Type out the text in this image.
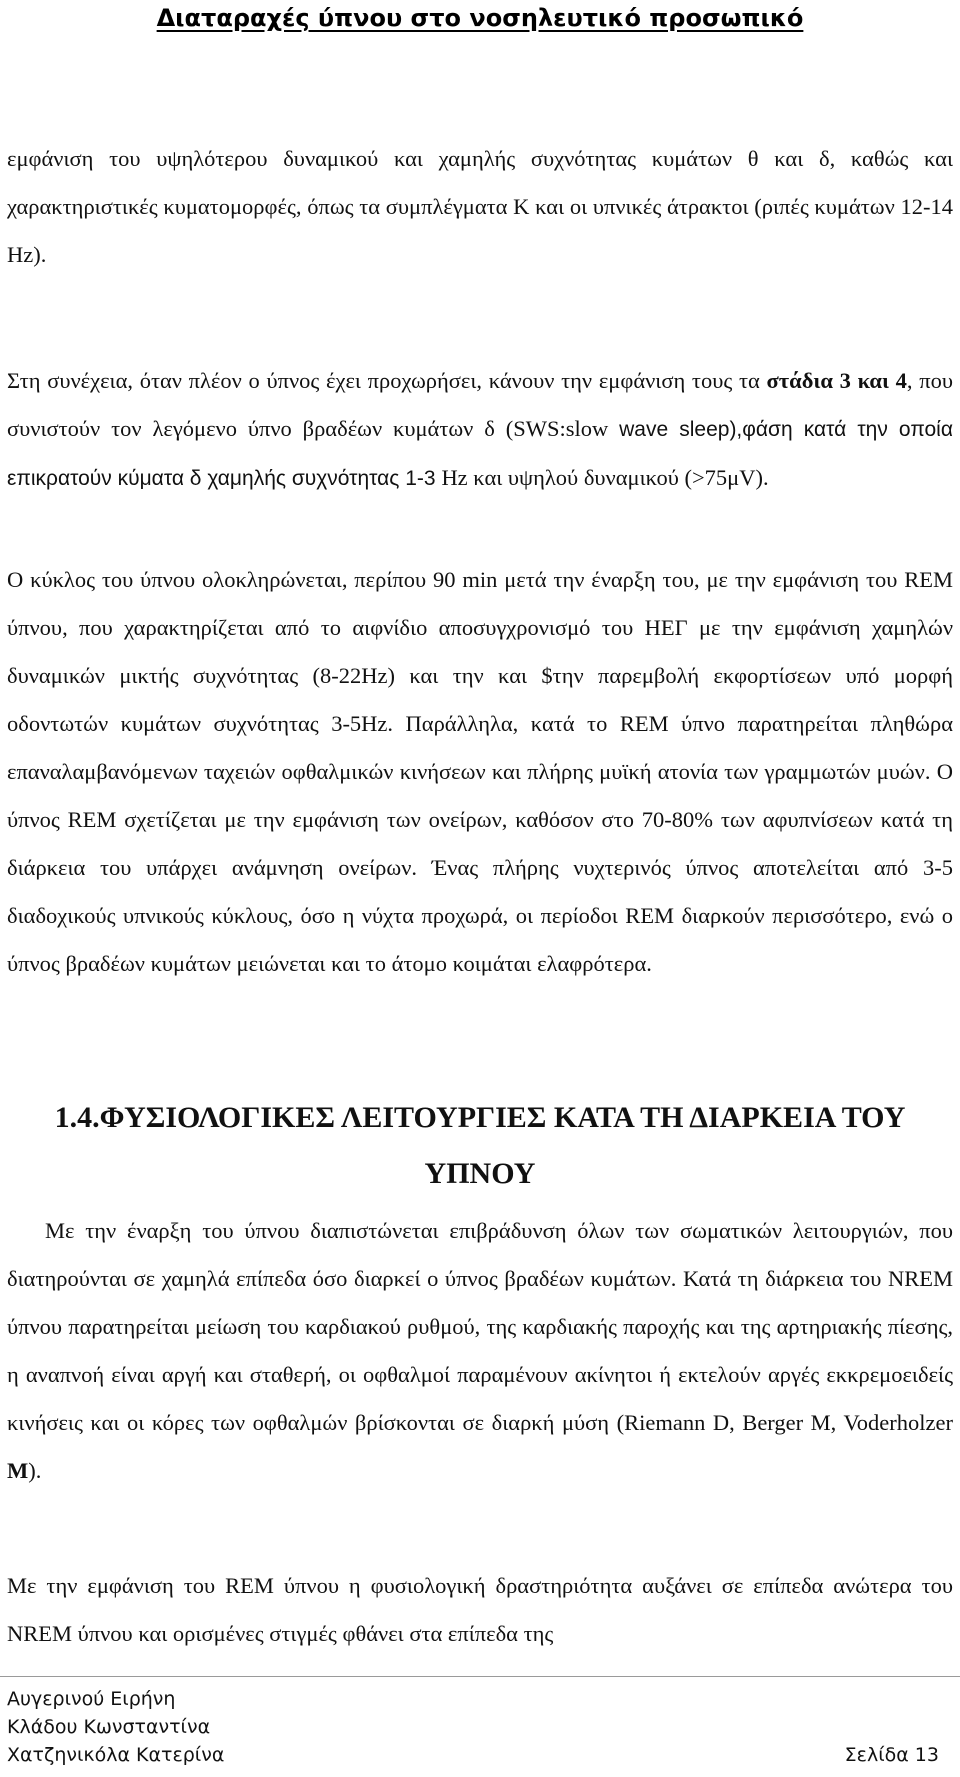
Διαταραχές ύπνου στο νοσηλευτικό προσωπικό
εμφάνιση του υψηλότερου δυναμικού και χαμηλής συχνότητας κυμάτων θ και δ, καθώς και χαρακτηριστικές κυματομορφές, όπως τα συμπλέγματα Κ και οι υπνικές άτρακτοι (ριπές κυμάτων 12-14 Hz).
Στη συνέχεια, όταν πλέον ο ύπνος έχει προχωρήσει, κάνουν την εμφάνιση τους τα στάδια 3 και 4, που συνιστούν τον λεγόμενο ύπνο βραδέων κυμάτων δ (SWS:slow wave sleep),φάση κατά την οποία επικρατούν κύματα δ χαμηλής συχνότητας 1-3 Hz και υψηλού δυναμικού (>75μV).
Ο κύκλος του ύπνου ολοκληρώνεται, περίπου 90 min μετά την έναρξη του, με την εμφάνιση του REM ύπνου, που χαρακτηρίζεται από το αιφνίδιο αποσυγχρονισμό του ΗΕΓ με την εμφάνιση χαμηλών δυναμικών μικτής συχνότητας (8-22Hz) και την και $την παρεμβολή εκφορτίσεων υπό μορφή οδοντωτών κυμάτων συχνότητας 3-5Hz. Παράλληλα, κατά το REM ύπνο παρατηρείται πληθώρα επαναλαμβανόμενων ταχειών οφθαλμικών κινήσεων και πλήρης μυϊκή ατονία των γραμμωτών μυών. Ο ύπνος REM σχετίζεται με την εμφάνιση των ονείρων, καθόσον στο 70-80% των αφυπνίσεων κατά τη διάρκεια του υπάρχει ανάμνηση ονείρων. Ένας πλήρης νυχτερινός ύπνος αποτελείται από 3-5 διαδοχικούς υπνικούς κύκλους, όσο η νύχτα προχωρά, οι περίοδοι REM διαρκούν περισσότερο, ενώ ο ύπνος βραδέων κυμάτων μειώνεται και το άτομο κοιμάται ελαφρότερα.
1.4.ΦΥΣΙΟΛΟΓΙΚΕΣ ΛΕΙΤΟΥΡΓΙΕΣ ΚΑΤΑ ΤΗ ΔΙΑΡΚΕΙΑ ΤΟΥ ΥΠΝΟΥ
Με την έναρξη του ύπνου διαπιστώνεται επιβράδυνση όλων των σωματικών λειτουργιών, που διατηρούνται σε χαμηλά επίπεδα όσο διαρκεί ο ύπνος βραδέων κυμάτων. Κατά τη διάρκεια του NREM ύπνου παρατηρείται μείωση του καρδιακού ρυθμού, της καρδιακής παροχής και της αρτηριακής πίεσης, η αναπνοή είναι αργή και σταθερή, οι οφθαλμοί παραμένουν ακίνητοι ή εκτελούν αργές εκκρεμοειδείς κινήσεις και οι κόρες των οφθαλμών βρίσκονται σε διαρκή μύση (Riemann D, Berger M, Voderholzer M).
Με την εμφάνιση του REM ύπνου η φυσιολογική δραστηριότητα αυξάνει σε επίπεδα ανώτερα του NREM ύπνου και ορισμένες στιγμές φθάνει στα επίπεδα της
Αυγερινού Ειρήνη
Κλάδου Κωνσταντίνα
Χατζηνικόλα Κατερίνα	Σελίδα 13
